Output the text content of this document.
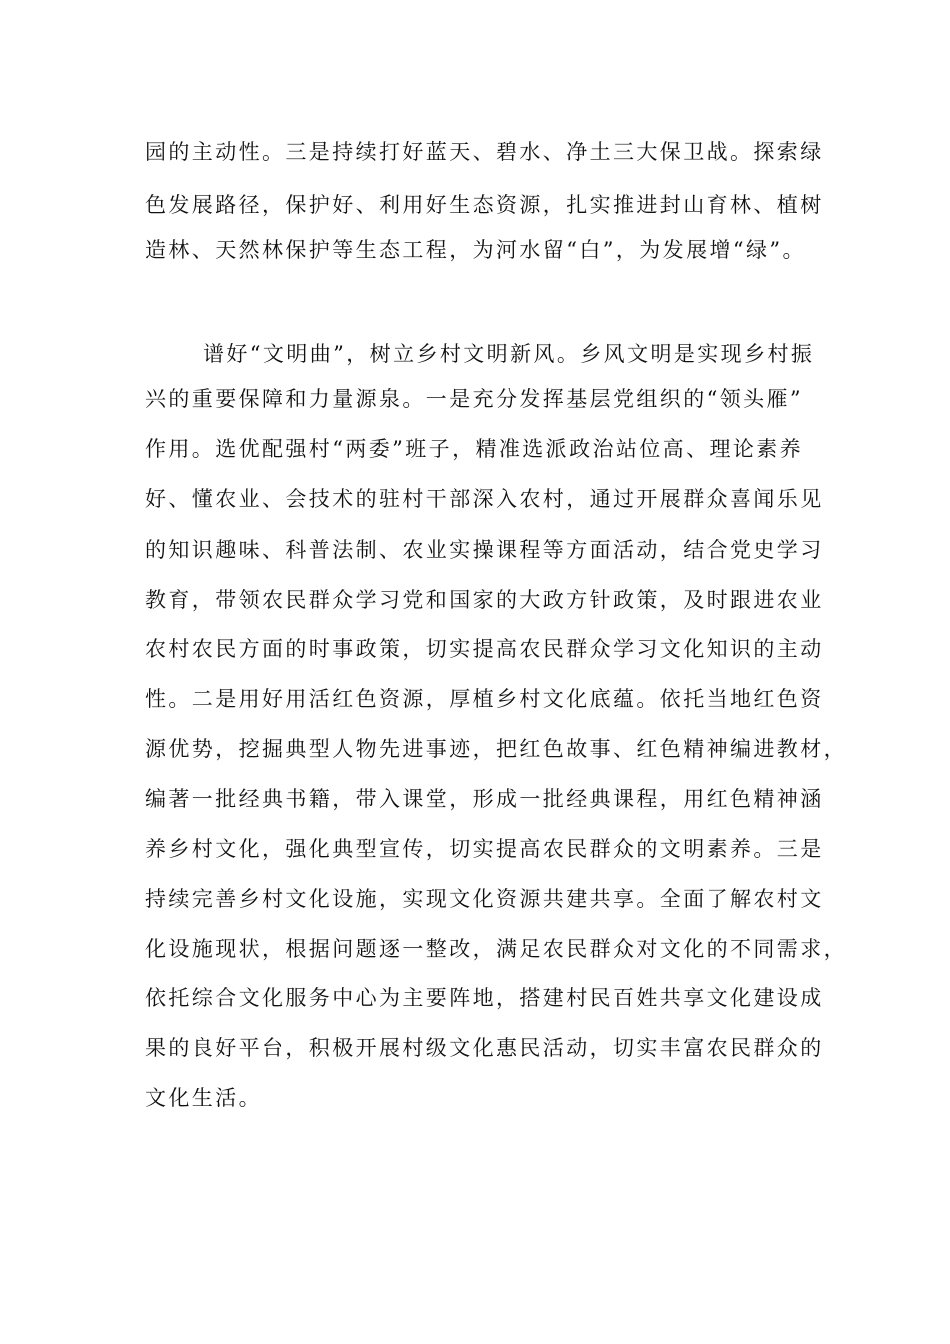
园的主动性。三是持续打好蓝天、碧水、净土三大保卫战。探索绿
色发展路径，保护好、利用好生态资源，扎实推进封山育林、植树
造林、天然林保护等生态工程，为河水留“白”，为发展增“绿”。
谱好“文明曲”，树立乡村文明新风。乡风文明是实现乡村振
兴的重要保障和力量源泉。一是充分发挥基层党组织的“领头雁”
作用。选优配强村“两委”班子，精准选派政治站位高、理论素养
好、懂农业、会技术的驻村干部深入农村，通过开展群众喜闻乐见
的知识趣味、科普法制、农业实操课程等方面活动，结合党史学习
教育，带领农民群众学习党和国家的大政方针政策，及时跟进农业
农村农民方面的时事政策，切实提高农民群众学习文化知识的主动
性。二是用好用活红色资源，厚植乡村文化底蕴。依托当地红色资
源优势，挖掘典型人物先进事迹，把红色故事、红色精神编进教材，
编著一批经典书籍，带入课堂，形成一批经典课程，用红色精神涵
养乡村文化，强化典型宣传，切实提高农民群众的文明素养。三是
持续完善乡村文化设施，实现文化资源共建共享。全面了解农村文
化设施现状，根据问题逐一整改，满足农民群众对文化的不同需求，
依托综合文化服务中心为主要阵地，搭建村民百姓共享文化建设成
果的良好平台，积极开展村级文化惠民活动，切实丰富农民群众的
文化生活。
